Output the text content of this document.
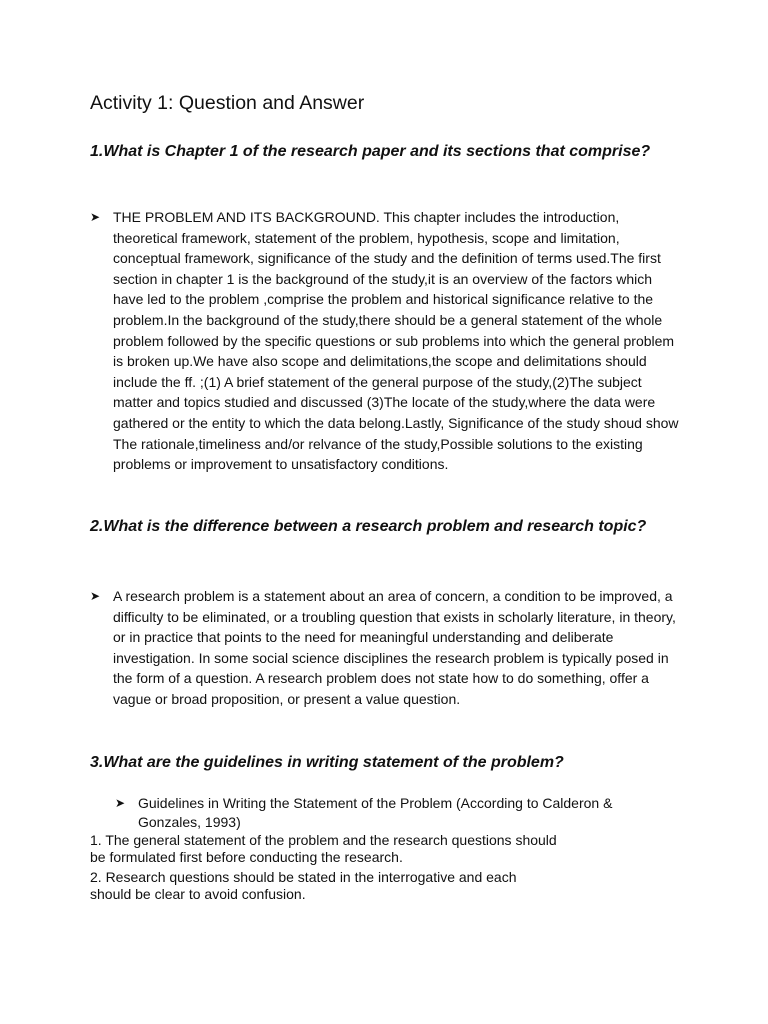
Activity 1: Question and Answer
1.What is Chapter 1 of the research paper and its sections that comprise?
➤ THE PROBLEM AND ITS BACKGROUND. This chapter includes the introduction, theoretical framework, statement of the problem, hypothesis, scope and limitation, conceptual framework, significance of the study and the definition of terms used.The first section in chapter 1 is the background of the study,it is an overview of the factors which have led to the problem ,comprise the problem and historical significance relative to the problem.In the background of the study,there should be a general statement of the whole problem followed by the specific questions or sub problems into which the general problem is broken up.We have also scope and delimitations,the scope and delimitations should include the ff. ;(1) A brief statement of the general purpose of the study,(2)The subject matter and topics studied and discussed (3)The locate of the study,where the data were gathered or the entity to which the data belong.Lastly, Significance of the study shoud show The rationale,timeliness and/or relvance of the study,Possible solutions to the existing problems or improvement to unsatisfactory conditions.

2.What is the difference between a research problem and research topic?
➤ A research problem is a statement about an area of concern, a condition to be improved, a difficulty to be eliminated, or a troubling question that exists in scholarly literature, in theory, or in practice that points to the need for meaningful understanding and deliberate investigation. In some social science disciplines the research problem is typically posed in the form of a question. A research problem does not state how to do something, offer a vague or broad proposition, or present a value question.

3.What are the guidelines in writing statement of the problem?
➤ Guidelines in Writing the Statement of the Problem (According to Calderon & Gonzales, 1993)

1. The general statement of the problem and the research questions should be formulated first before conducting the research.

2. Research questions should be stated in the interrogative and each should be clear to avoid confusion.
